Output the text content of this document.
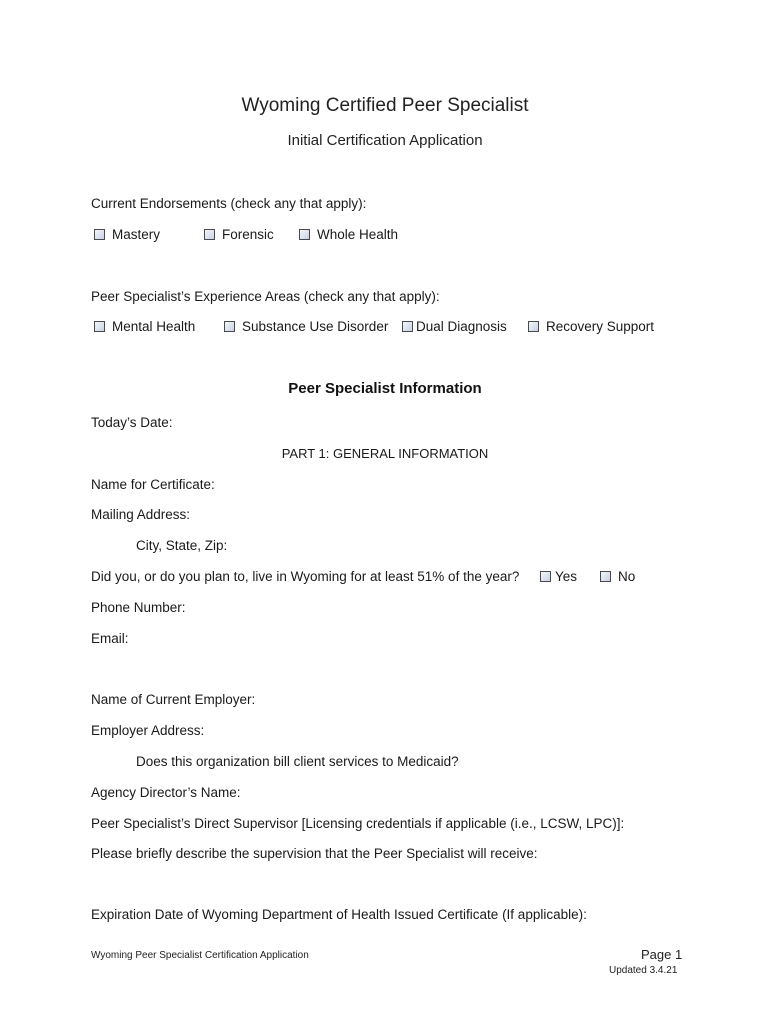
Wyoming Certified Peer Specialist
Initial Certification Application
Current Endorsements (check any that apply):
Mastery	Forensic	Whole Health
Peer Specialist’s Experience Areas (check any that apply):
Mental Health	Substance Use Disorder Dual Diagnosis	Recovery Support
Peer Specialist Information
Today’s Date:
PART 1: GENERAL INFORMATION
Name for Certificate:
Mailing Address:
City, State, Zip:
Did you, or do you plan to, live in Wyoming for at least 51% of the year?	Yes	No
Phone Number:
Email:
Name of Current Employer:
Employer Address:
Does this organization bill client services to Medicaid?
Agency Director’s Name:
Peer Specialist’s Direct Supervisor [Licensing credentials if applicable (i.e., LCSW, LPC)]:
Please briefly describe the supervision that the Peer Specialist will receive:
Expiration Date of Wyoming Department of Health Issued Certificate (If applicable):
Wyoming Peer Specialist Certification Application	Page 1
Updated 3.4.21
